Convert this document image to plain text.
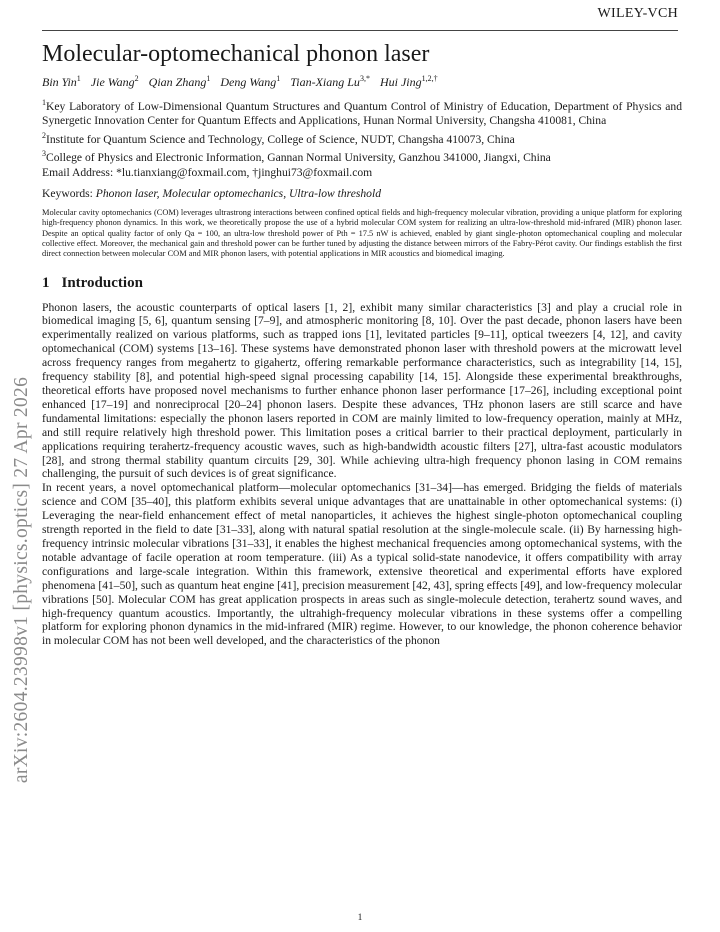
WILEY-VCH
arXiv:2604.23998v1 [physics.optics] 27 Apr 2026
Molecular-optomechanical phonon laser
Bin Yin$^1$ Jie Wang$^2$ Qian Zhang$^1$ Deng Wang$^1$ Tian-Xiang $Lu^{3,*}$ Hui Jing$^{1,2,\dagger}$
$^1$Key Laboratory of Low-Dimensional Quantum Structures and Quantum Control of Ministry of Education, Department of Physics and Synergetic Innovation Center for Quantum Effects and Applications, Hunan Normal University, Changsha 410081, China
$^2$Institute for Quantum Science and Technology, College of Science, NUDT, Changsha 410073, China
$^3$College of Physics and Electronic Information, Gannan Normal University, Ganzhou 341000, Jiangxi, China
Email Address: *lu.tianxiang@foxmail.com, †jinghui73@foxmail.com
Keywords: Phonon laser, Molecular optomechanics, Ultra-low threshold
Molecular cavity optomechanics (COM) leverages ultrastrong interactions between confined optical fields and high-frequency molecular vibration, providing a unique platform for exploring high-frequency phonon dynamics. In this work, we theoretically propose the use of a hybrid molecular COM system for realizing an ultra-low-threshold mid-infrared (MIR) phonon laser. Despite an optical quality factor of only Qa = 100, an ultra-low threshold power of Pth = 17.5 nW is achieved, enabled by giant single-photon optomechanical coupling and molecular collective effect. Moreover, the mechanical gain and threshold power can be further tuned by adjusting the distance between mirrors of the Fabry-Pérot cavity. Our findings establish the first direct connection between molecular COM and MIR phonon lasers, with potential applications in MIR acoustics and biomedical imaging.
1 Introduction

Phonon lasers, the acoustic counterparts of optical lasers [1, 2], exhibit many similar characteristics [3] and play a crucial role in biomedical imaging [5, 6], quantum sensing [7–9], and atmospheric monitoring [8, 10]. Over the past decade, phonon lasers have been experimentally realized on various platforms, such as trapped ions [1], levitated particles [9–11], optical tweezers [4, 12], and cavity optomechanical (COM) systems [13–16]. These systems have demonstrated phonon laser with threshold powers at the microwatt level across frequency ranges from megahertz to gigahertz, offering remarkable performance characteristics, such as integrability [14, 15], frequency stability [8], and potential high-speed signal processing capability [14, 15]. Alongside these experimental breakthroughs, theoretical efforts have proposed novel mechanisms to further enhance phonon laser performance [17–26], including exceptional point enhanced [17–19] and nonreciprocal [20–24] phonon lasers. Despite these advances, THz phonon lasers are still scarce and have fundamental limitations: especially the phonon lasers reported in COM are mainly limited to low-frequency operation, mainly at MHz, and still require relatively high threshold power. This limitation poses a critical barrier to their practical deployment, particularly in applications requiring terahertz-frequency acoustic waves, such as high-bandwidth acoustic filters [27], ultra-fast acoustic modulators [28], and strong thermal stability quantum circuits [29, 30]. While achieving ultra-high frequency phonon lasing in COM remains challenging, the pursuit of such devices is of great significance.

In recent years, a novel optomechanical platform—molecular optomechanics [31–34]—has emerged. Bridging the fields of materials science and COM [35–40], this platform exhibits several unique advantages that are unattainable in other optomechanical systems: (i) Leveraging the near-field enhancement effect of metal nanoparticles, it achieves the highest single-photon optomechanical coupling strength reported in the field to date [31–33], along with natural spatial resolution at the single-molecule scale. (ii) By harnessing high-frequency intrinsic molecular vibrations [31–33], it enables the highest mechanical frequencies among optomechanical systems, with the notable advantage of facile operation at room temperature. (iii) As a typical solid-state nanodevice, it offers compatibility with array configurations and large-scale integration. Within this framework, extensive theoretical and experimental efforts have explored phenomena [41–50], such as quantum heat engine [41], precision measurement [42, 43], spring effects [49], and low-frequency molecular vibrations [50]. Molecular COM has great application prospects in areas such as single-molecule detection, terahertz sound waves, and high-frequency quantum acoustics. Importantly, the ultrahigh-frequency molecular vibrations in these systems offer a compelling platform for exploring phonon dynamics in the mid-infrared (MIR) regime. However, to our knowledge, the phonon coherence behavior in molecular COM has not been well developed, and the characteristics of the phonon

1
